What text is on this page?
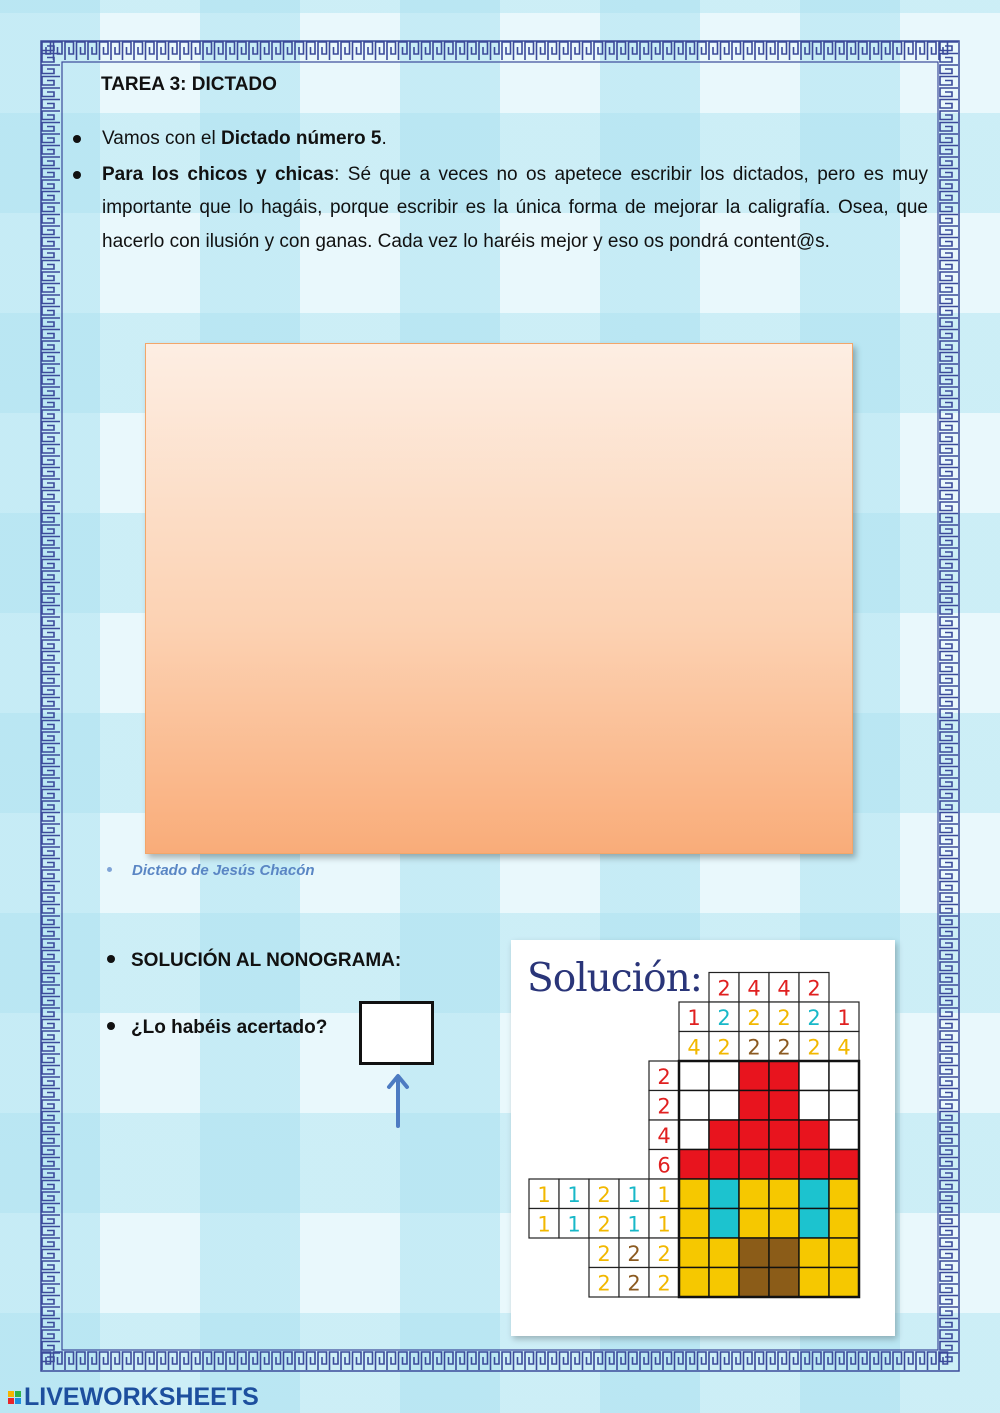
TAREA 3: DICTADO
Vamos con el Dictado número 5.
Para los chicos y chicas: Sé que a veces no os apetece escribir los dictados, pero es muy importante que lo hagáis, porque escribir es la única forma de mejorar la caligrafía. Osea, que hacerlo con ilusión y con ganas. Cada vez lo haréis mejor y eso os pondrá content@s.
Dictado de Jesús Chacón
SOLUCIÓN AL NONOGRAMA:
¿Lo habéis acertado?
Solución: 2 4 4 2
1 2 2 2 2 1
4 2 2 2 2 4
2
2
4
6
1 1 2 1 1
1 1 2 1 1
2 2 2
2 2 2
LIVEWORKSHEETS
